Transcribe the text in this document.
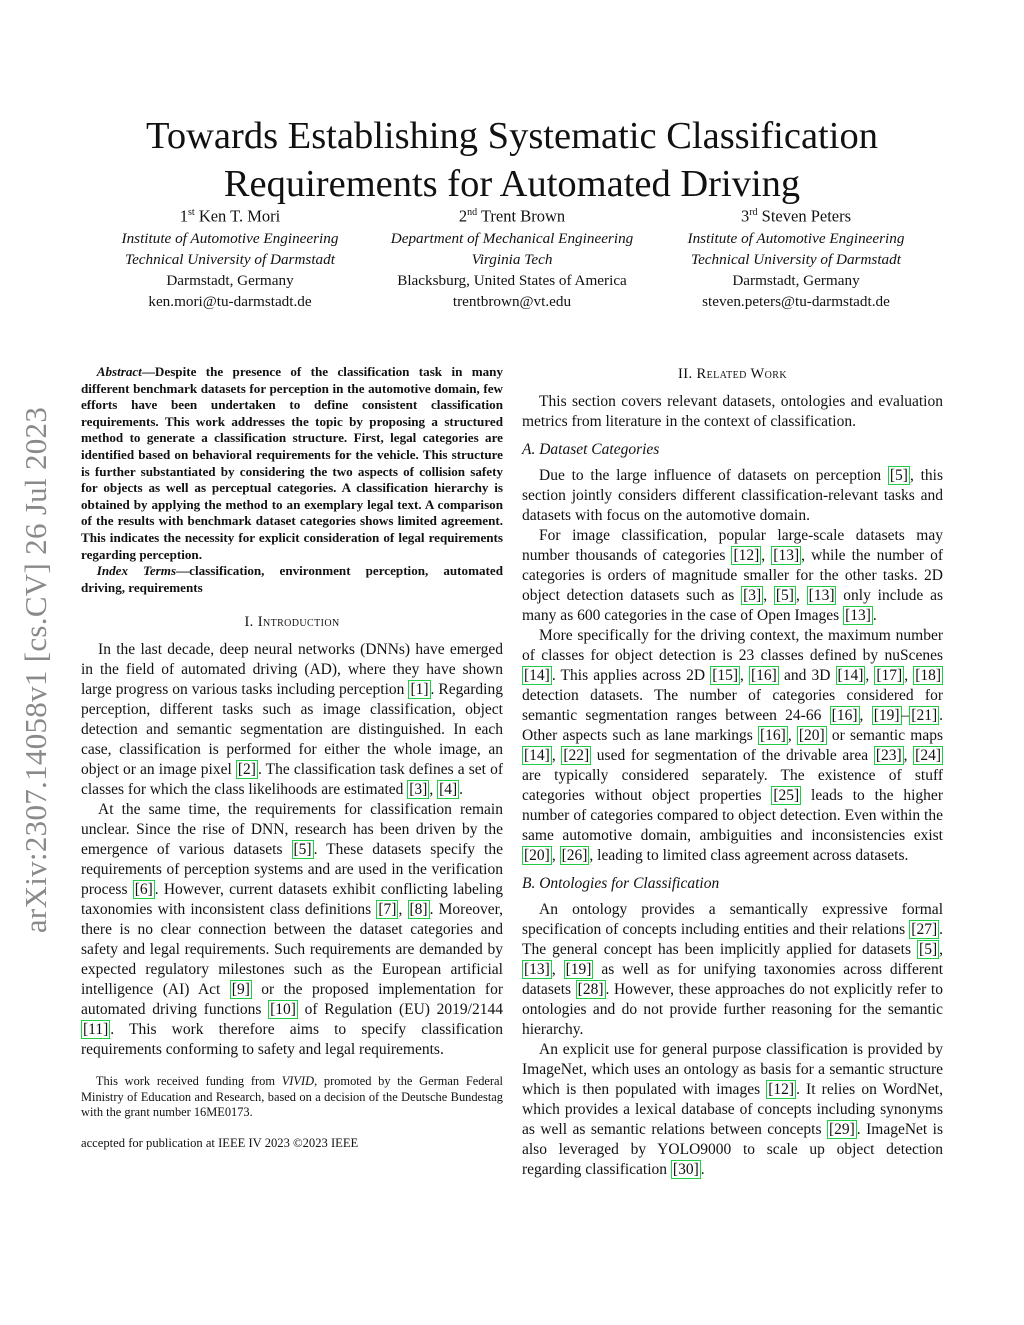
arXiv:2307.14058v1 [cs.CV] 26 Jul 2023
Towards Establishing Systematic Classification
Requirements for Automated Driving
1st Ken T. Mori
Institute of Automotive Engineering
Technical University of Darmstadt
Darmstadt, Germany
ken.mori@tu-darmstadt.de
2nd Trent Brown
Department of Mechanical Engineering
Virginia Tech
Blacksburg, United States of America
trentbrown@vt.edu
3rd Steven Peters
Institute of Automotive Engineering
Technical University of Darmstadt
Darmstadt, Germany
steven.peters@tu-darmstadt.de

Abstract—Despite the presence of the classification task in many different benchmark datasets for perception in the automotive domain, few efforts have been undertaken to define consistent classification requirements. This work addresses the topic by proposing a structured method to generate a classification structure. First, legal categories are identified based on behavioral requirements for the vehicle. This structure is further substantiated by considering the two aspects of collision safety for objects as well as perceptual categories. A classification hierarchy is obtained by applying the method to an exemplary legal text. A comparison of the results with benchmark dataset categories shows limited agreement. This indicates the necessity for explicit consideration of legal requirements regarding perception.

Index Terms—classification, environment perception, automated driving, requirements

I. Introduction

In the last decade, deep neural networks (DNNs) have emerged in the field of automated driving (AD), where they have shown large progress on various tasks including perception [1] . Regarding perception, different tasks such as image classification, object detection and semantic segmentation are distinguished. In each case, classification is performed for either the whole image, an object or an image pixel [2] . The classification task defines a set of classes for which the class likelihoods are estimated [3] , [4] .

At the same time, the requirements for classification remain unclear. Since the rise of DNN, research has been driven by the emergence of various datasets [5] . These datasets specify the requirements of perception systems and are used in the verification process [6] . However, current datasets exhibit conflicting labeling taxonomies with inconsistent class definitions [7] , [8] . Moreover, there is no clear connection between the dataset categories and safety and legal requirements. Such requirements are demanded by expected regulatory milestones such as the European artificial intelligence (AI) Act [9] or the proposed implementation for automated driving functions [10] of Regulation (EU) 2019/2144 [11] . This work therefore aims to specify classification requirements conforming to safety and legal requirements.

This work received funding from VIVID, promoted by the German Federal Ministry of Education and Research, based on a decision of the Deutsche Bundestag with the grant number 16ME0173.

accepted for publication at IEEE IV 2023 ©2023 IEEE
II. Related Work

This section covers relevant datasets, ontologies and evaluation metrics from literature in the context of classification.

A. Dataset Categories

Due to the large influence of datasets on perception [5] , this section jointly considers different classification-relevant tasks and datasets with focus on the automotive domain.

For image classification, popular large-scale datasets may number thousands of categories [12] , [13] , while the number of categories is orders of magnitude smaller for the other tasks. 2D object detection datasets such as [3] , [5] , [13] only include as many as 600 categories in the case of Open Images [13] .

More specifically for the driving context, the maximum number of classes for object detection is 23 classes defined by nuScenes [14] . This applies across 2D [15] , [16] and 3D [14] , [17] , [18] detection datasets. The number of categories considered for semantic segmentation ranges between 24-66 [16] , [19] – [21] . Other aspects such as lane markings [16] , [20] or semantic maps [14] , [22] used for segmentation of the drivable area [23] , [24] are typically considered separately. The existence of stuff categories without object properties [25] leads to the higher number of categories compared to object detection. Even within the same automotive domain, ambiguities and inconsistencies exist [20] , [26] , leading to limited class agreement across datasets.

B. Ontologies for Classification

An ontology provides a semantically expressive formal specification of concepts including entities and their relations [27] . The general concept has been implicitly applied for datasets [5] , [13] , [19] as well as for unifying taxonomies across different datasets [28] . However, these approaches do not explicitly refer to ontologies and do not provide further reasoning for the semantic hierarchy.

An explicit use for general purpose classification is provided by ImageNet, which uses an ontology as basis for a semantic structure which is then populated with images [12] . It relies on WordNet, which provides a lexical database of concepts including synonyms as well as semantic relations between concepts [29] . ImageNet is also leveraged by YOLO9000 to scale up object detection regarding classification [30] .
